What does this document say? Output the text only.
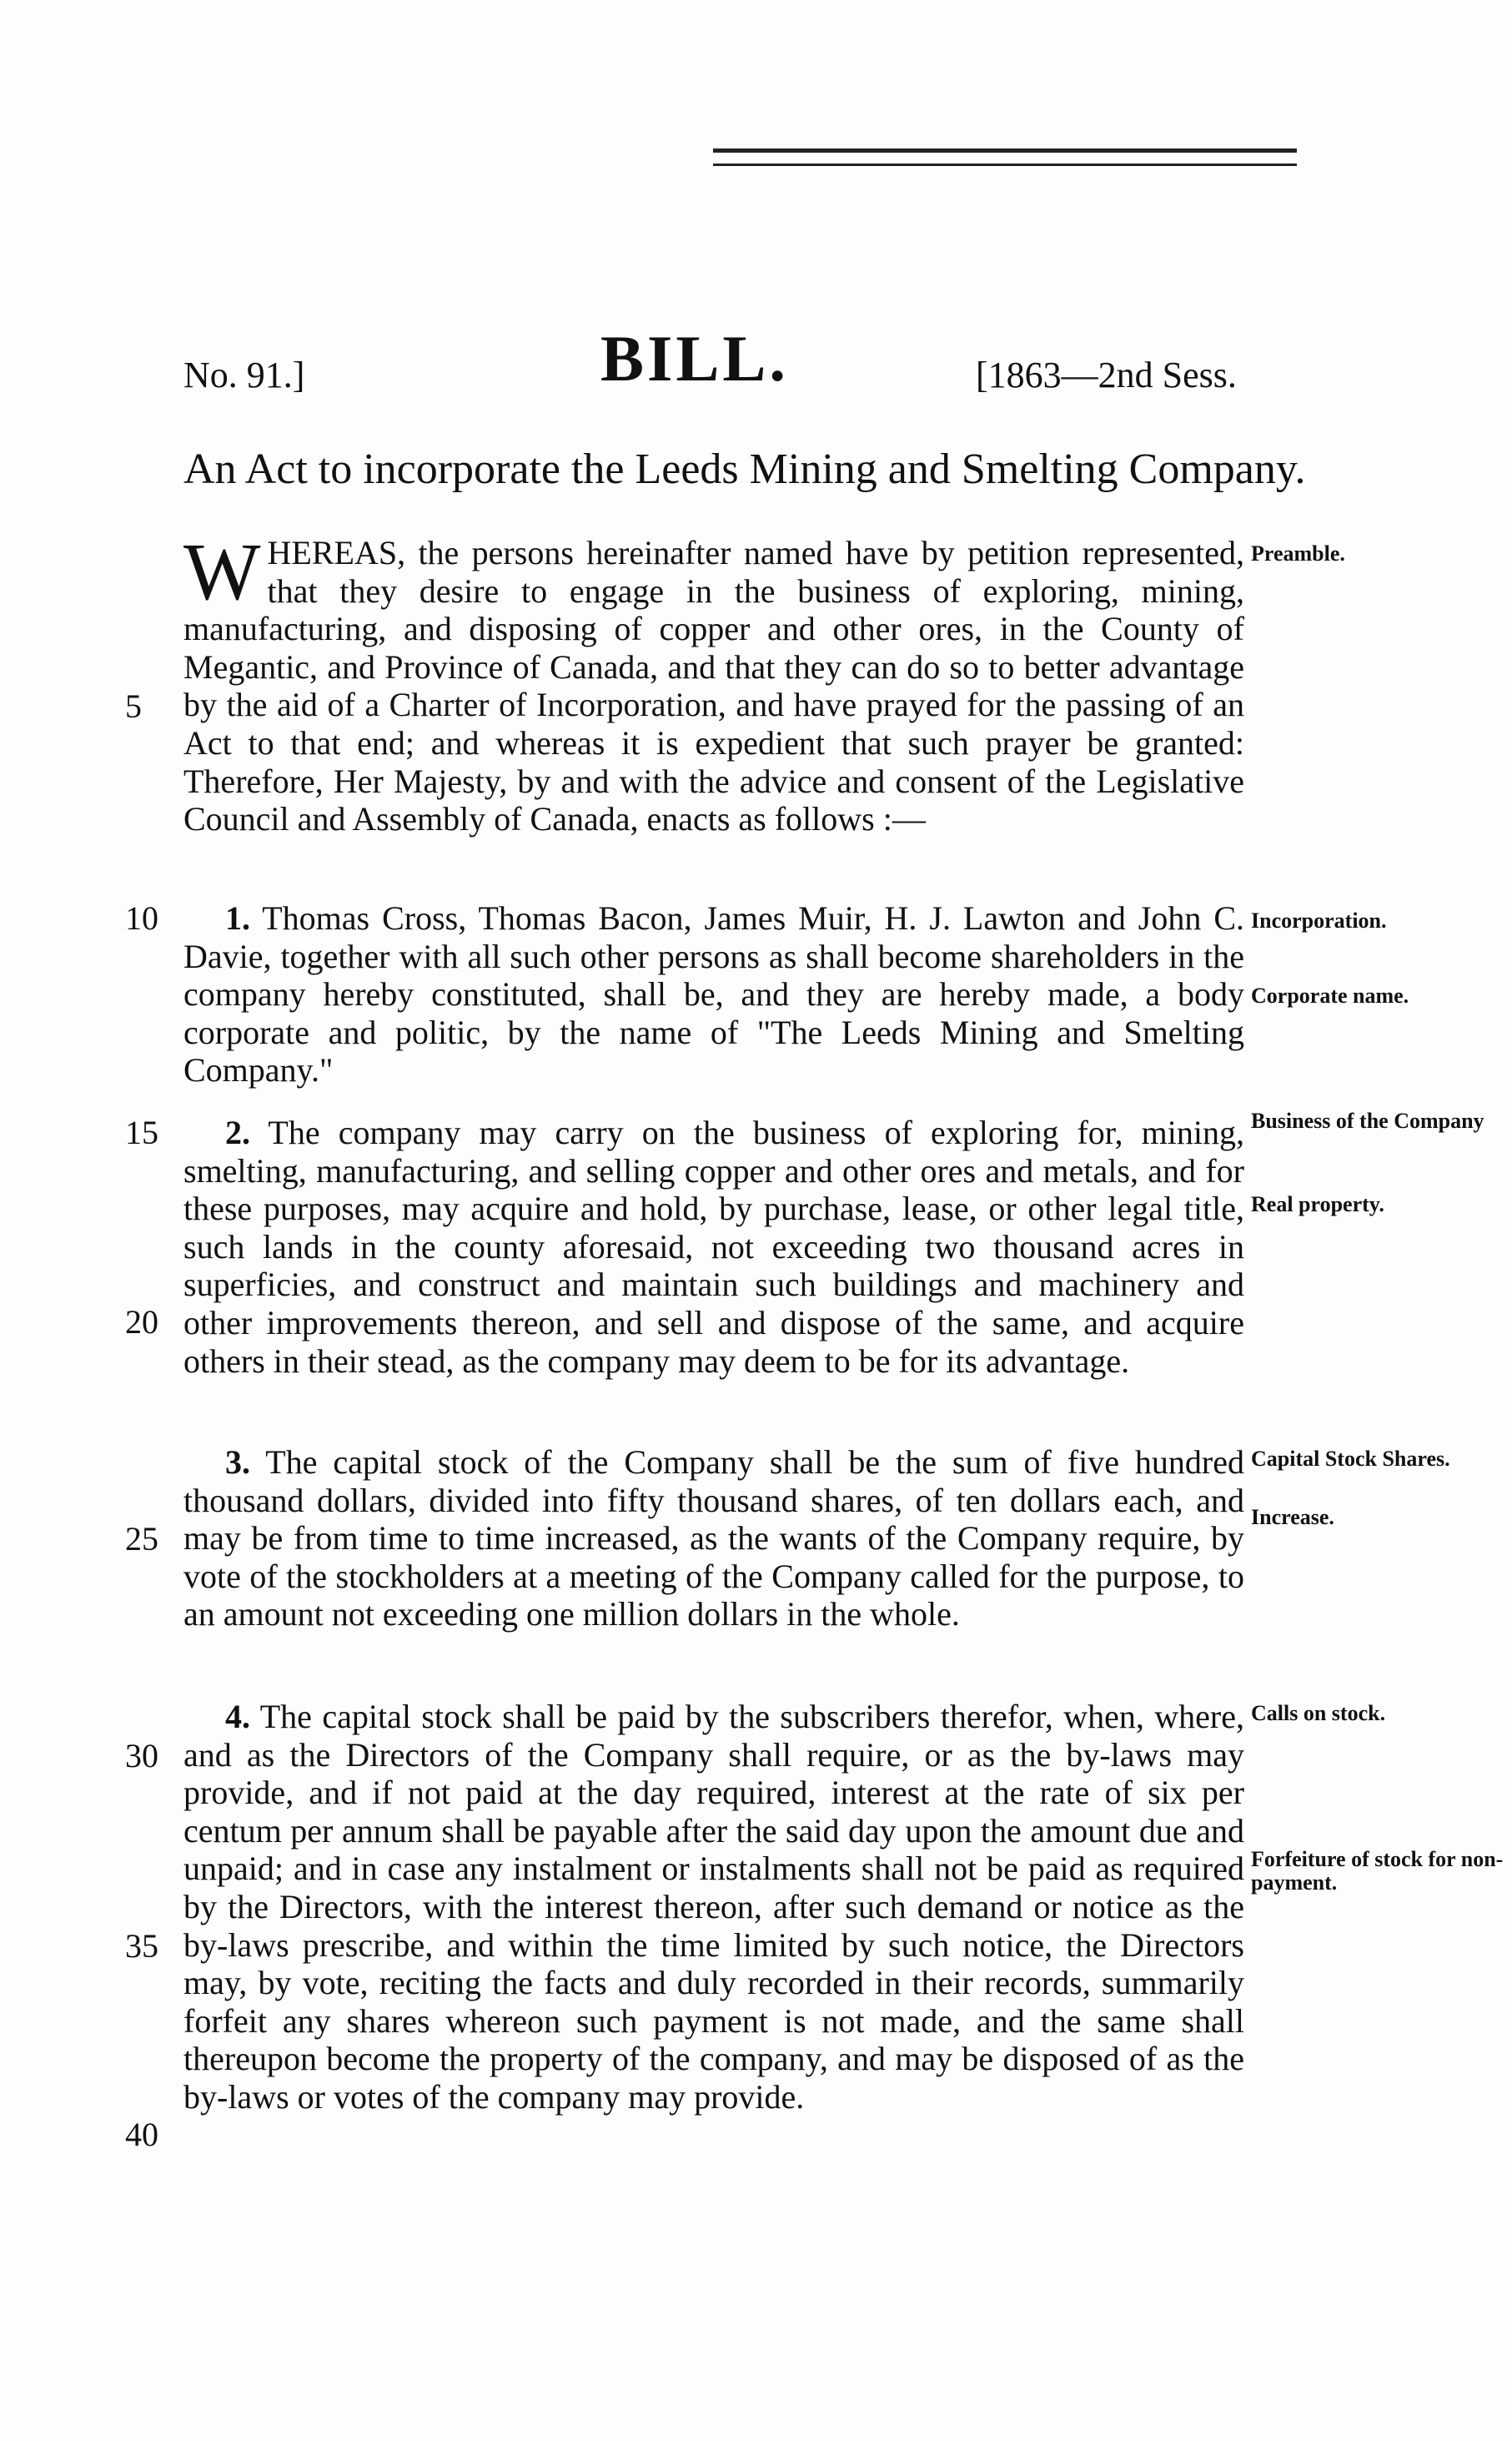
No. 91.]	BILL.	[1863—2nd Sess.
An Act to incorporate the Leeds Mining and Smelting Company.
WHEREAS, the persons hereinafter named have by petition represented, that they desire to engage in the business of exploring, mining, manufacturing, and disposing of copper and other ores, in the County of Megantic, and Province of Canada, and that they can do so to better advantage by the aid of a Charter of Incorporation, and have prayed for the passing of an Act to that end; and whereas it is expedient that such prayer be granted: Therefore, Her Majesty, by and with the advice and consent of the Legislative Council and Assembly of Canada, enacts as follows :—
Preamble.
1. Thomas Cross, Thomas Bacon, James Muir, H. J. Lawton and John C. Davie, together with all such other persons as shall become shareholders in the company hereby constituted, shall be, and they are hereby made, a body corporate and politic, by the name of "The Leeds Mining and Smelting Company."
Incorporation.
Corporate name.
2. The company may carry on the business of exploring for, mining, smelting, manufacturing, and selling copper and other ores and metals, and for these purposes, may acquire and hold, by purchase, lease, or other legal title, such lands in the county aforesaid, not exceeding two thousand acres in superficies, and construct and maintain such buildings and machinery and other improvements thereon, and sell and dispose of the same, and acquire others in their stead, as the company may deem to be for its advantage.
Business of the Company
Real property.
3. The capital stock of the Company shall be the sum of five hundred thousand dollars, divided into fifty thousand shares, of ten dollars each, and may be from time to time increased, as the wants of the Company require, by vote of the stockholders at a meeting of the Company called for the purpose, to an amount not exceeding one million dollars in the whole.
Capital Stock Shares.
Increase.
4. The capital stock shall be paid by the subscribers therefor, when, where, and as the Directors of the Company shall require, or as the by-laws may provide, and if not paid at the day required, interest at the rate of six per centum per annum shall be payable after the said day upon the amount due and unpaid; and in case any instalment or instalments shall not be paid as required by the Directors, with the interest thereon, after such demand or notice as the by-laws prescribe, and within the time limited by such notice, the Directors may, by vote, reciting the facts and duly recorded in their records, summarily forfeit any shares whereon such payment is not made, and the same shall thereupon become the property of the company, and may be disposed of as the by-laws or votes of the company may provide.
Calls on stock.
Forfeiture of stock for non-payment.
5
10
15
20
25
30
35
40
